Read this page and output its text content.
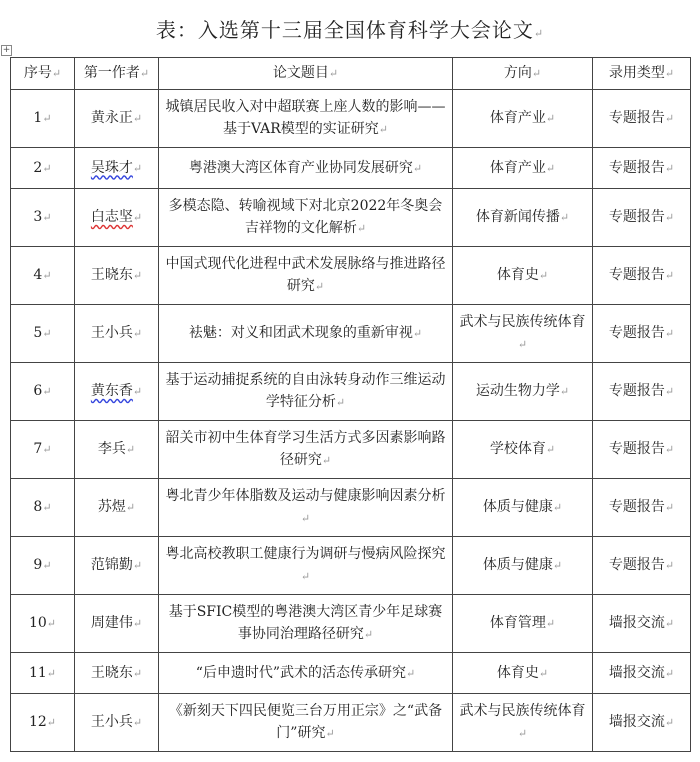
表：入选第十三届全国体育科学大会论文↵
+
序号↵	第一作者↵	论文题目↵	方向↵	录用类型↵
1↵	黄永正↵	城镇居民收入对中超联赛上座人数的影响——基于VAR模型的实证研究↵	体育产业↵	专题报告↵
2↵	吴珠才↵	粤港澳大湾区体育产业协同发展研究↵	体育产业↵	专题报告↵
3↵	白志坚↵	多模态隐、转喻视域下对北京2022年冬奥会吉祥物的文化解析↵	体育新闻传播↵	专题报告↵
4↵	王晓东↵	中国式现代化进程中武术发展脉络与推进路径研究↵	体育史↵	专题报告↵
5↵	王小兵↵	袪魅：对义和团武术现象的重新审视↵	武术与民族传统体育↵	专题报告↵
6↵	黄东香↵	基于运动捕捉系统的自由泳转身动作三维运动学特征分析↵	运动生物力学↵	专题报告↵
7↵	李兵↵	韶关市初中生体育学习生活方式多因素影响路径研究↵	学校体育↵	专题报告↵
8↵	苏煜↵	粤北青少年体脂数及运动与健康影响因素分析↵	体质与健康↵	专题报告↵
9↵	范锦勤↵	粤北高校教职工健康行为调研与慢病风险探究↵	体质与健康↵	专题报告↵
10↵	周建伟↵	基于SFIC模型的粤港澳大湾区青少年足球赛事协同治理路径研究↵	体育管理↵	墙报交流↵
11↵	王晓东↵	“后申遗时代”武术的活态传承研究↵	体育史↵	墙报交流↵
12↵	王小兵↵	《新刻天下四民便览三台万用正宗》之“武备门”研究↵	武术与民族传统体育↵	墙报交流↵
